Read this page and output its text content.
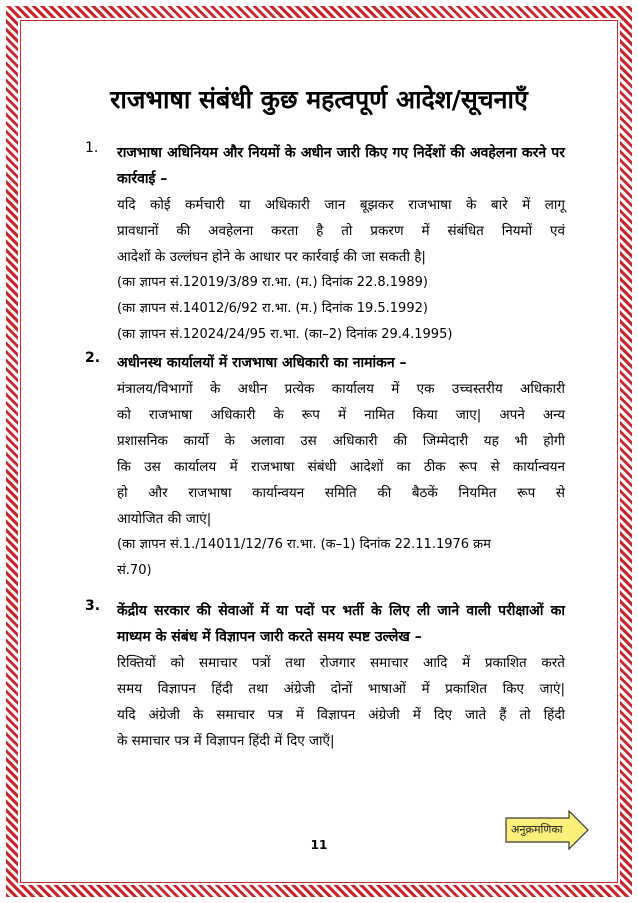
राजभाषा संबंधी कुछ महत्वपूर्ण आदेश/सूचनाएँ
1. राजभाषा अधिनियम और नियमों के अधीन जारी किए गए निर्देशों की अवहेलना करने पर कार्रवाई –
यदि कोई कर्मचारी या अधिकारी जान बूझकर राजभाषा के बारे में लागू
प्रावधानों की अवहेलना करता है तो प्रकरण में संबंधित नियमों एवं
आदेशों के उल्लंघन होने के आधार पर कार्रवाई की जा सकती है|
(का ज्ञापन सं.12019/3/89 रा.भा. (म.) दिनांक 22.8.1989)
(का ज्ञापन सं.14012/6/92 रा.भा. (म.) दिनांक 19.5.1992)
(का ज्ञापन सं.12024/24/95 रा.भा. (का–2) दिनांक 29.4.1995)
2. अधीनस्थ कार्यालयों में राजभाषा अधिकारी का नामांकन –
मंत्रालय/विभागों के अधीन प्रत्येक कार्यालय में एक उच्चस्तरीय अधिकारी
को राजभाषा अधिकारी के रूप में नामित किया जाए| अपने अन्य
प्रशासनिक कार्यो के अलावा उस अधिकारी की जिम्मेदारी यह भी होगी
कि उस कार्यालय में राजभाषा संबंधी आदेशों का ठीक रूप से कार्यान्वयन
हो और राजभाषा कार्यान्वयन समिति की बैठकें नियमित रूप से
आयोजित की जाएं|
(का ज्ञापन सं.1./14011/12/76 रा.भा. (क–1) दिनांक 22.11.1976 क्रम
सं.70)
3. केंद्रीय सरकार की सेवाओं में या पदों पर भर्ती के लिए ली जाने वाली परीक्षाओं का माध्यम के संबंध में विज्ञापन जारी करते समय स्पष्ट उल्लेख –
रिक्तियों को समाचार पत्रों तथा रोजगार समाचार आदि में प्रकाशित करते
समय विज्ञापन हिंदी तथा अंग्रेजी दोनों भाषाओं में प्रकाशित किए जाएं|
यदि अंग्रेजी के समाचार पत्र में विज्ञापन अंग्रेजी में दिए जाते हैं तो हिंदी
के समाचार पत्र में विज्ञापन हिंदी में दिए जाएँ|
11
अनुक्रमणिका
